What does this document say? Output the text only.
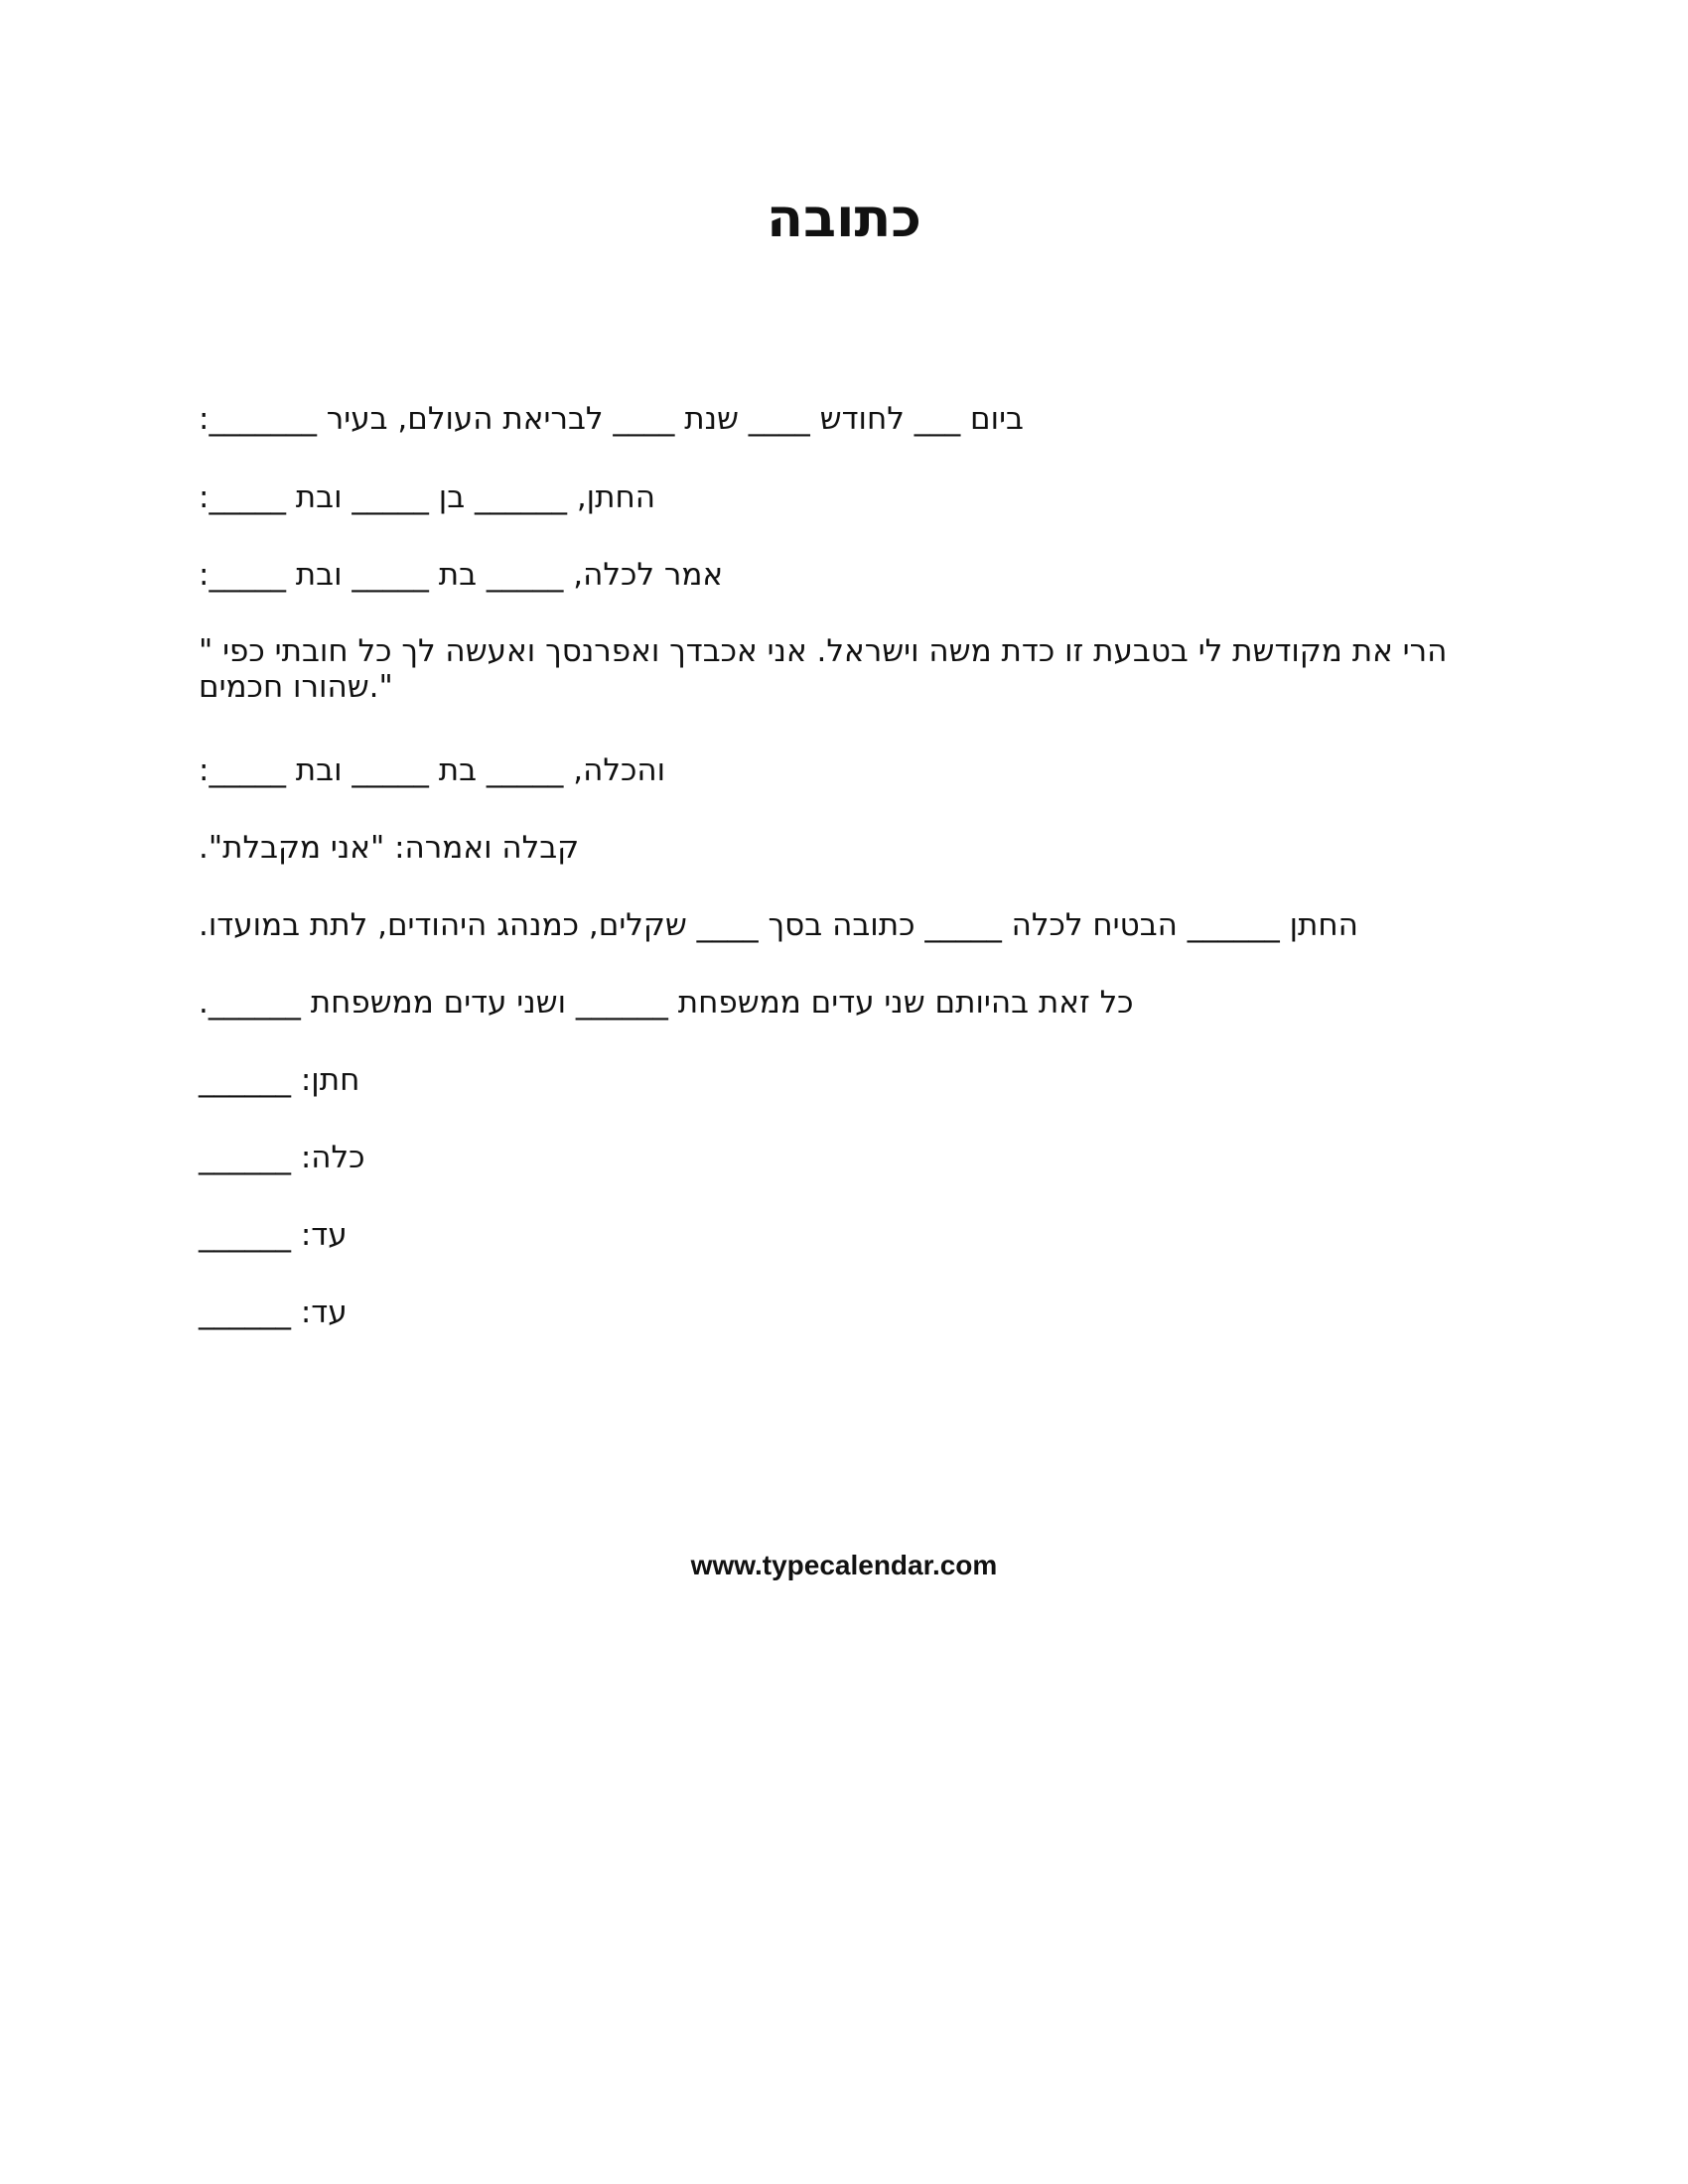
כתובה

ביום ___ לחודש ____ שנת ____ לבריאת העולם, בעיר _______:

החתן, ______ בן _____ ובת _____:

אמר לכלה, _____ בת _____ ובת _____:

" הרי את מקודשת לי בטבעת זו כדת משה וישראל. אני אכבדך ואפרנסך ואעשה לך כל חובתי כפי שהורו חכמים."

והכלה, _____ בת _____ ובת _____:

קבלה ואמרה: "אני מקבלת".

החתן ______ הבטיח לכלה _____ כתובה בסך ____ שקלים, כמנהג היהודים, לתת במועדו.

כל זאת בהיותם שני עדים ממשפחת ______ ושני עדים ממשפחת ______.

חתן: ______

כלה: ______

עד: ______

עד: ______

www.typecalendar.com
